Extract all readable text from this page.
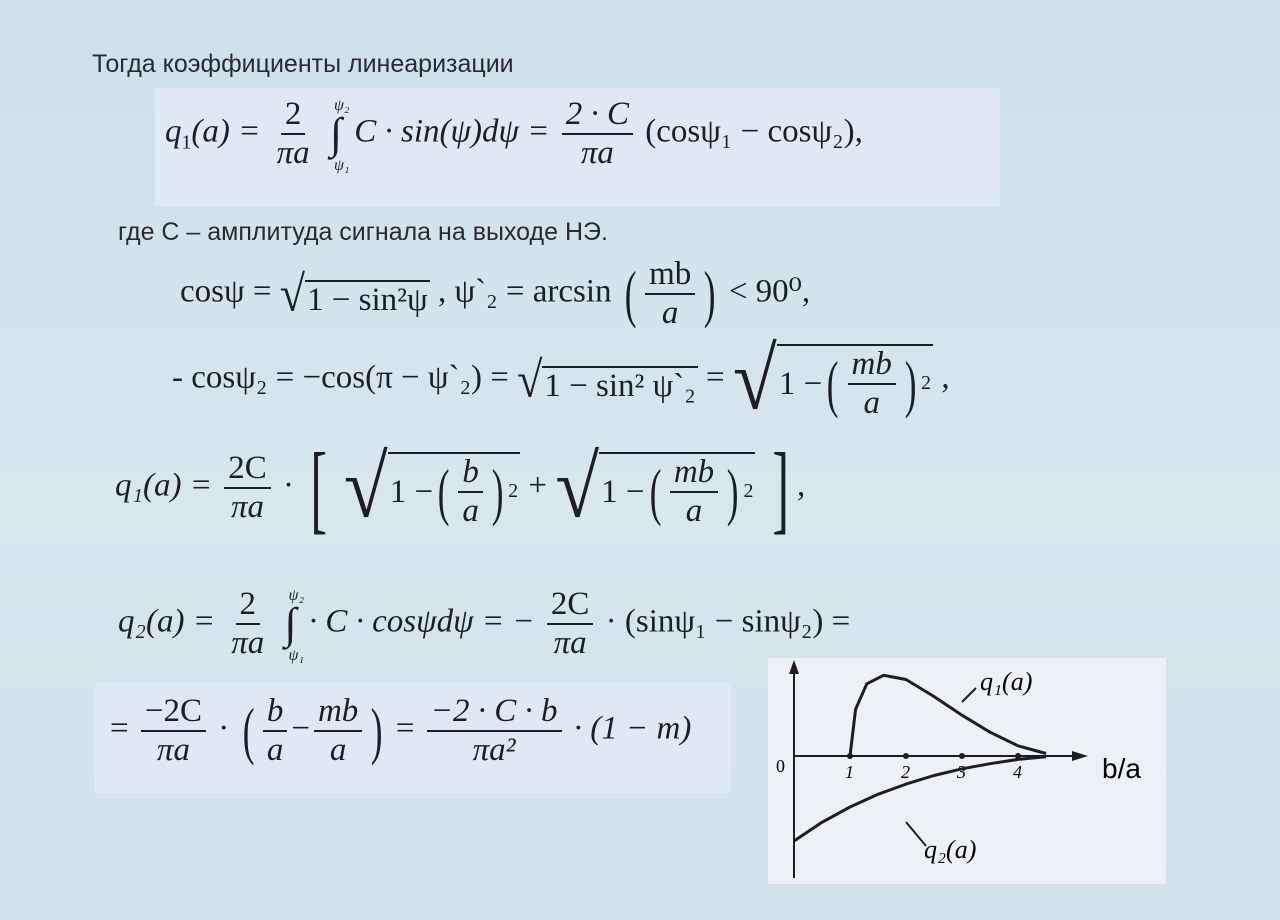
Тогда коэффициенты линеаризации
$q_1(a) = \frac{2}{\pi a}$ ∫
ψ₂
ψ₁
$C \cdot \sin(\psi)d\psi = \frac{2 \cdot C}{\pi a} (\cos\psi_1 - \cos\psi_2)$,
где С – амплитуда сигнала на выходе НЭ.
cosψ = √ 1 − sin²ψ , ψ`₂ = arcsin ( $\frac{mb}{a}$ ) < 90⁰,
- cosψ₂ = −cos(π − ψ`₂) = √ 1 − sin² ψ`₂ = √ 1 − ( $\frac{mb}{a}$ ) 2 ,
$q_1(a) = \frac{2C}{\pi a}$ · [ √ 1 − ( $\frac{b}{a}$ ) 2 + √ 1 − ( $\frac{mb}{a}$ ) 2 ] ,
$q_2(a) = \frac{2}{\pi a}$ ∫
ψ₂
ψ₁
· C · cosψdψ = − $\frac{2C}{\pi a} \cdot (\sin\psi_1 - \sin\psi_2)$ =
= $\frac{-2C}{\pi a}$ · ( $\frac{b}{a} - \frac{mb}{a}$ ) = $\frac{-2 \cdot C \cdot b}{\text{πa²}} \cdot (1 - m)$
0	1	2	3	4	b/a
q₁(a)
q₂(a)
